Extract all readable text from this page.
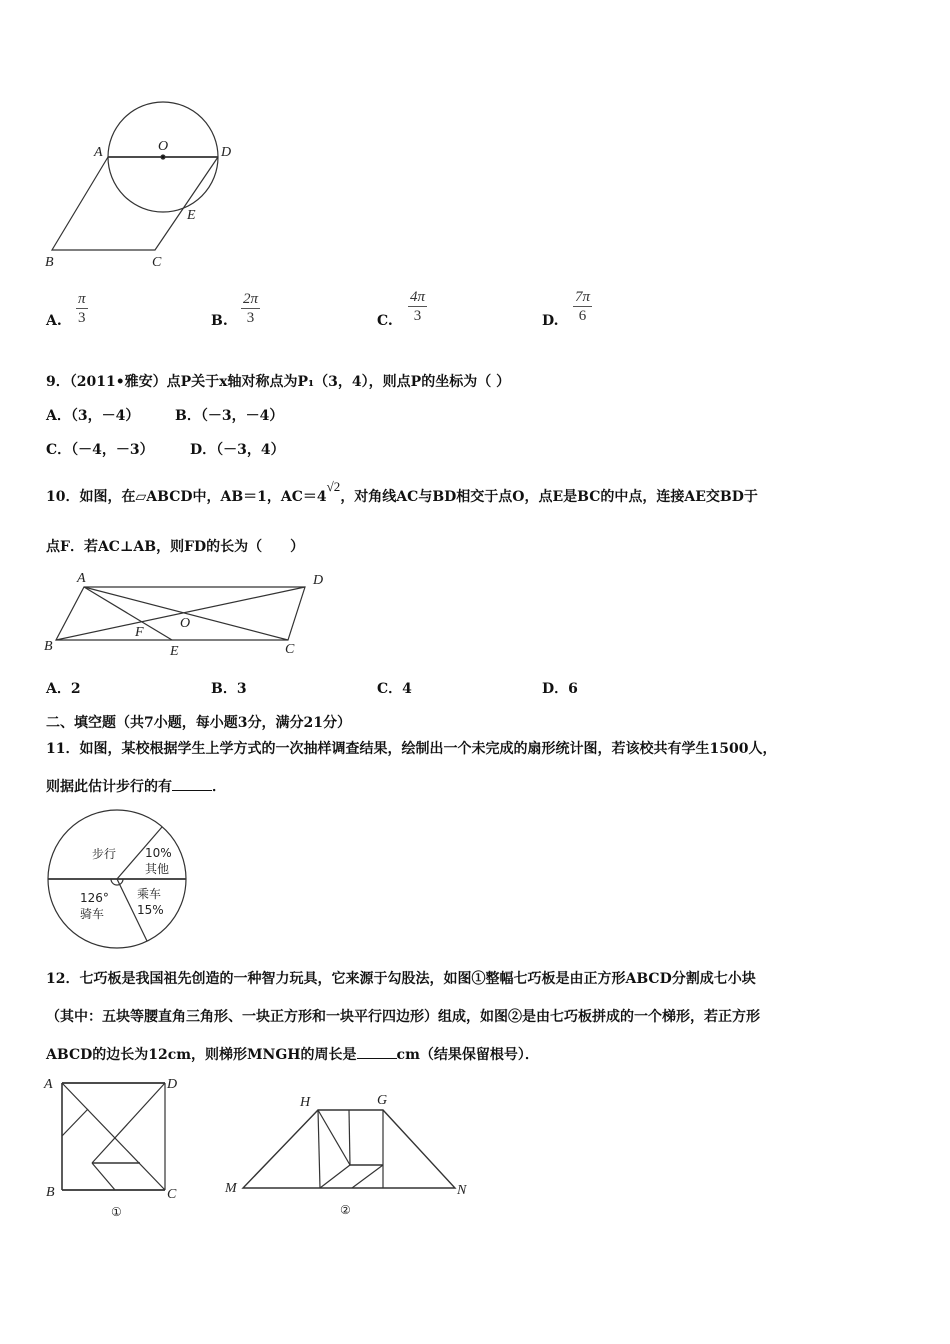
A	O	D
E
B	C
A	D
B
F
O
E	C
步行 10%
其他
乘车
15%
126°
骑车
A	D
B	C
①
H	G
M	N
②
A. $\frac{\pi}{3}$	B. $\frac{2\pi}{3}$	C. $\frac{4\pi}{3}$	D. $\frac{7\pi}{6}$
9．（2011•雅安）点P关于x轴对称点为P₁（3，4），则点P的坐标为（ ）
A．（3，－4）	B．（－3，－4）
C．（－4，－3）	D．（－3，4）
10．如图，在▱ABCD中，AB＝1，AC＝4√2，对角线AC与BD相交于点O，点E是BC的中点，连接AE交BD于
点F．若AC⊥AB，则FD的长为（　　）
A．2	B．3	C．4	D．6
二、填空题（共7小题，每小题3分，满分21分）
11．如图，某校根据学生上学方式的一次抽样调查结果，绘制出一个未完成的扇形统计图，若该校共有学生1500人，
则据此估计步行的有	．
12．七巧板是我国祖先创造的一种智力玩具，它来源于勾股法，如图①整幅七巧板是由正方形ABCD分割成七小块
（其中：五块等腰直角三角形、一块正方形和一块平行四边形）组成，如图②是由七巧板拼成的一个梯形，若正方形
ABCD的边长为12cm，则梯形MNGH的周长是	cm（结果保留根号）．
